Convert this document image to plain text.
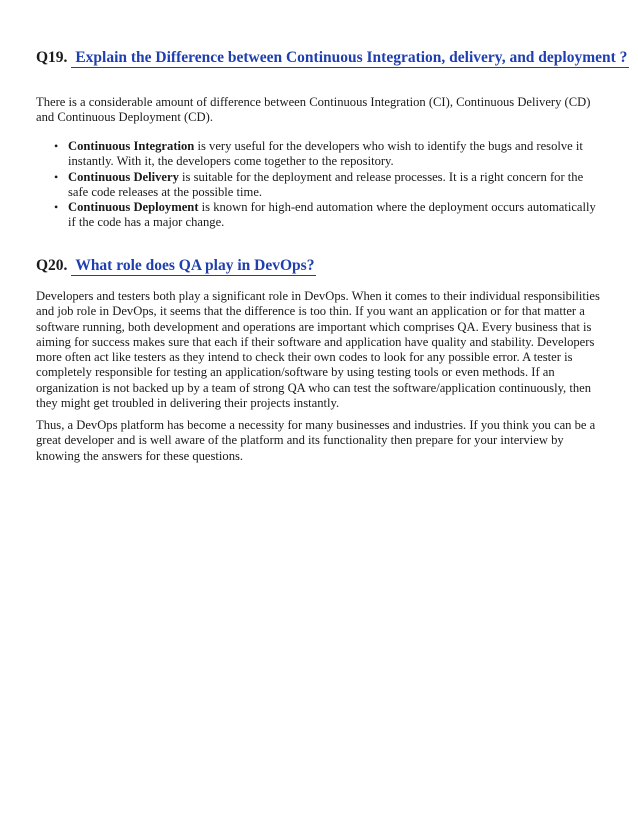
Q19. Explain the Difference between Continuous Integration, delivery, and deployment ?

There is a considerable amount of difference between Continuous Integration (CI), Continuous Delivery (CD) and Continuous Deployment (CD).

• Continuous Integration is very useful for the developers who wish to identify the bugs and resolve it instantly. With it, the developers come together to the repository.
• Continuous Delivery is suitable for the deployment and release processes. It is a right concern for the safe code releases at the possible time.
• Continuous Deployment is known for high-end automation where the deployment occurs automatically if the code has a major change.
Q20. What role does QA play in DevOps?

Developers and testers both play a significant role in DevOps. When it comes to their individual responsibilities and job role in DevOps, it seems that the difference is too thin. If you want an application or for that matter a software running, both development and operations are important which comprises QA. Every business that is aiming for success makes sure that each if their software and application have quality and stability. Developers more often act like testers as they intend to check their own codes to look for any possible error. A tester is completely responsible for testing an application/software by using testing tools or even methods. If an organization is not backed up by a team of strong QA who can test the software/application continuously, then they might get troubled in delivering their projects instantly.

Thus, a DevOps platform has become a necessity for many businesses and industries. If you think you can be a great developer and is well aware of the platform and its functionality then prepare for your interview by knowing the answers for these questions.
